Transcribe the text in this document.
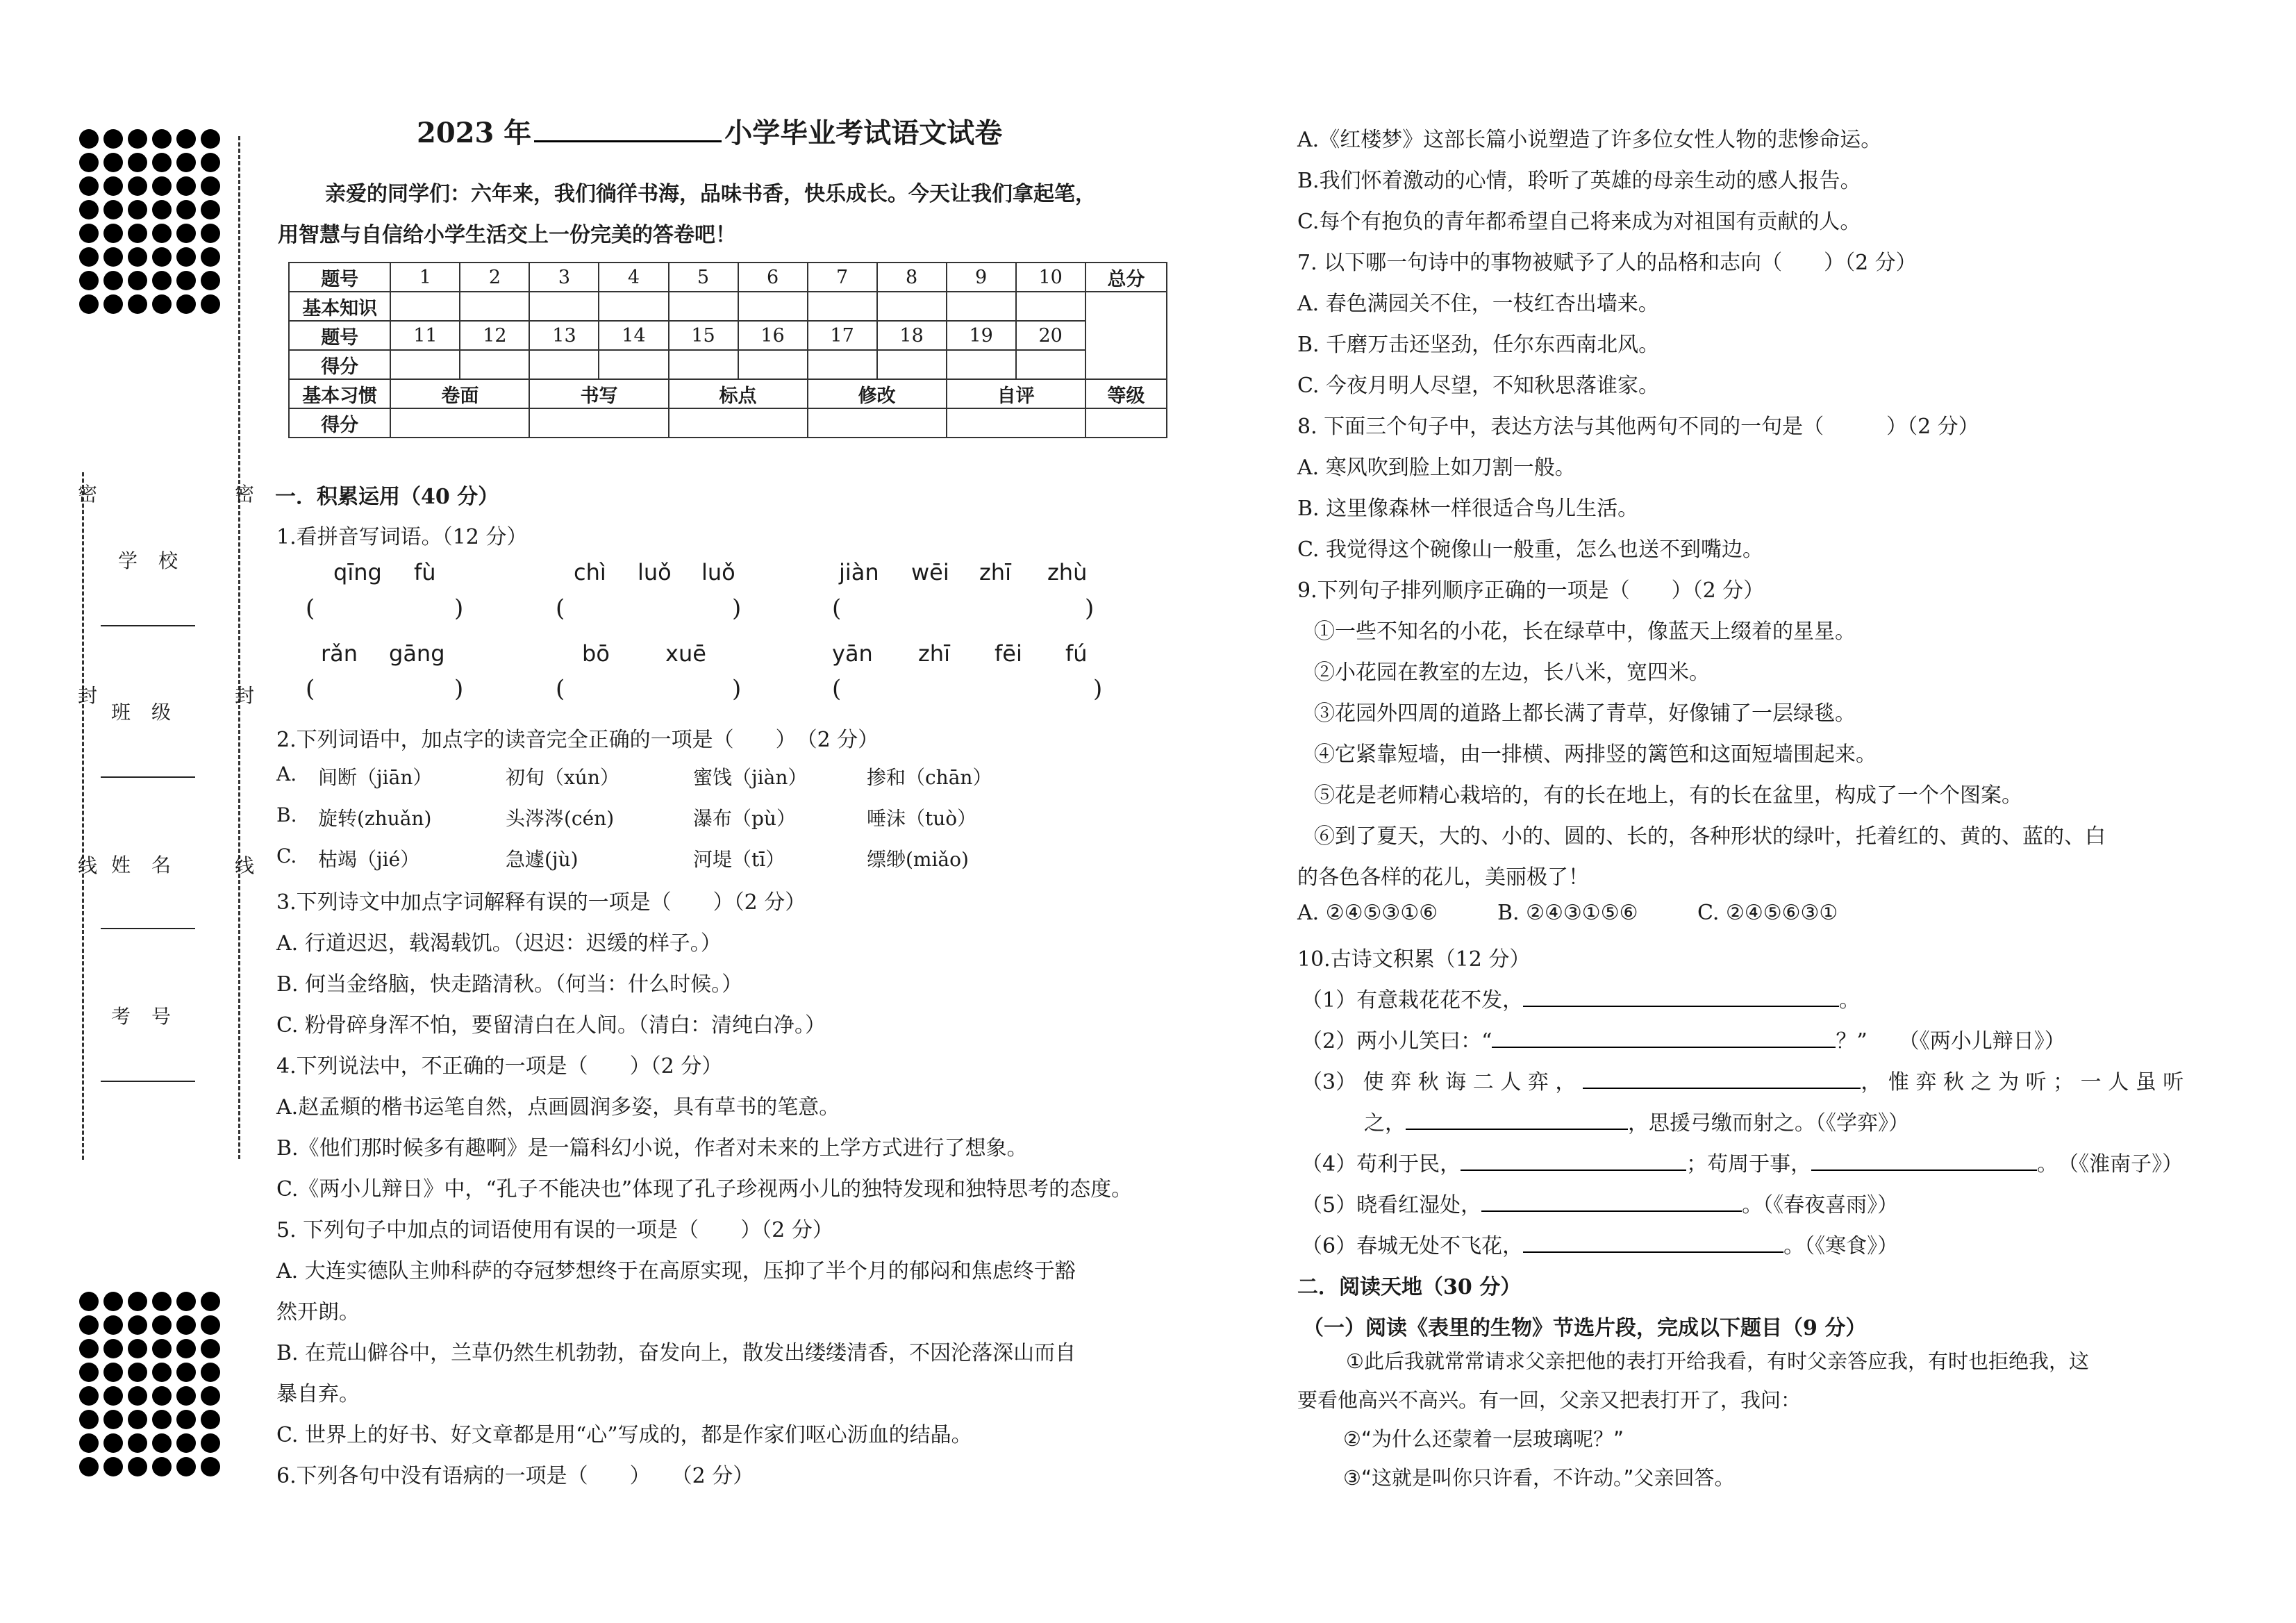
密
封
线
密
封
线
学校
班级
姓名
考号
2023 年	小学毕业考试语文试卷
亲爱的同学们：六年来，我们徜徉书海，品味书香，快乐成长。今天让我们拿起笔，
用智慧与自信给小学生活交上一份完美的答卷吧！
题号	1	2	3	4	5	6	7	8	9	10	总分
基本知识											
题号	11	12	13	14	15	16	17	18	19	20	
得分											
基本习惯	卷面		书写		标点		修改		自评		等级
得分											
一．积累运用（40 分）
1.看拼音写词语。（12 分）
qīng fù	chì luǒ luǒ	jiàn wēi zhī zhù
(	)	(	)	(	)
rǎn gāng	bō	xuē	yān zhī fēi fú
(	)	(	)	(	)
2.下列词语中，加点字的读音完全正确的一项是（　　）　（2 分）
A. 间断（jiān）	初旬（xún）	蜜饯（jiàn）	掺和（chān）
B. 旋转(zhuǎn)	头涔涔(cén)	瀑布（pù）	唾沫（tuò）
C. 枯竭（jié）	急遽(jù)	河堤（tī）	缥缈(miǎo)
3.下列诗文中加点字词解释有误的一项是（　　）（2 分）
A. 行道迟迟，载渴载饥。（迟迟：迟缓的样子。）
B. 何当金络脑，快走踏清秋。（何当：什么时候。）
C. 粉骨碎身浑不怕，要留清白在人间。（清白：清纯白净。）
4.下列说法中，不正确的一项是（　　）（2 分）
A.赵孟頫的楷书运笔自然，点画圆润多姿，具有草书的笔意。
B.《他们那时候多有趣啊》是一篇科幻小说，作者对未来的上学方式进行了想象。
C.《两小儿辩日》中，“孔子不能决也”体现了孔子珍视两小儿的独特发现和独特思考的态度。
5. 下列句子中加点的词语使用有误的一项是（　　）（2 分）
A. 大连实德队主帅科萨的夺冠梦想终于在高原实现，压抑了半个月的郁闷和焦虑终于豁
然开朗。
B. 在荒山僻谷中，兰草仍然生机勃勃，奋发向上，散发出缕缕清香，不因沦落深山而自
暴自弃。
C. 世界上的好书、好文章都是用“心”写成的，都是作家们呕心沥血的结晶。
6.下列各句中没有语病的一项是（　　）　　（2 分）
A.《红楼梦》这部长篇小说塑造了许多位女性人物的悲惨命运。
B.我们怀着激动的心情，聆听了英雄的母亲生动的感人报告。
C.每个有抱负的青年都希望自己将来成为对祖国有贡献的人。
7. 以下哪一句诗中的事物被赋予了人的品格和志向（　　）（2 分）
A. 春色满园关不住，一枝红杏出墙来。
B. 千磨万击还坚劲，任尔东西南北风。
C. 今夜月明人尽望，不知秋思落谁家。
8. 下面三个句子中，表达方法与其他两句不同的一句是（　　　）（2 分）
A. 寒风吹到脸上如刀割一般。
B. 这里像森林一样很适合鸟儿生活。
C. 我觉得这个碗像山一般重，怎么也送不到嘴边。
9.下列句子排列顺序正确的一项是（　　）（2 分）
①一些不知名的小花，长在绿草中，像蓝天上缀着的星星。
②小花园在教室的左边，长八米，宽四米。
③花园外四周的道路上都长满了青草，好像铺了一层绿毯。
④它紧靠短墙，由一排横、两排竖的篱笆和这面短墙围起来。
⑤花是老师精心栽培的，有的长在地上，有的长在盆里，构成了一个个图案。
⑥到了夏天，大的、小的、圆的、长的，各种形状的绿叶，托着红的、黄的、蓝的、白
的各色各样的花儿，美丽极了！
A. ②④⑤③①⑥	B. ②④③①⑤⑥	C. ②④⑤⑥③①
10.古诗文积累（12 分）
（1）有意栽花花不发，	。
（2）两小儿笑曰：“	？” （《两小儿辩日》）
（3） 使 弈 秋 诲 二 人 弈 ，	， 惟 弈 秋 之 为 听 ； 一 人 虽 听
之，	，思援弓缴而射之。（《学弈》）
（4）苟利于民，	；苟周于事，	。　（《淮南子》）
（5）晓看红湿处，	。（《春夜喜雨》）
（6）春城无处不飞花，	。（《寒食》）
二．阅读天地（30 分）
（一）阅读《表里的生物》节选片段，完成以下题目（9 分）
①此后我就常常请求父亲把他的表打开给我看，有时父亲答应我，有时也拒绝我，这
要看他高兴不高兴。有一回，父亲又把表打开了，我问：
②“为什么还蒙着一层玻璃呢？”
③“这就是叫你只许看，不许动。”父亲回答。
